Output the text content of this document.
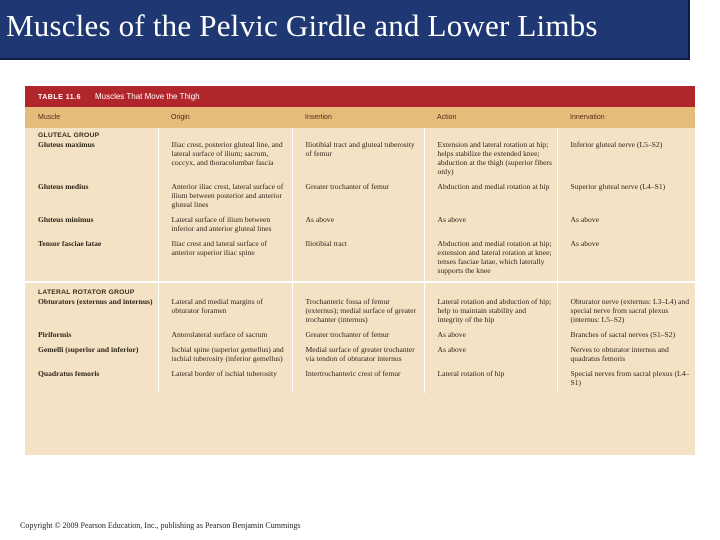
Muscles of the Pelvic Girdle and Lower Limbs
TABLE 11.6 Muscles That Move the Thigh
Muscle	Origin	Insertion	Action	Innervation
GLUTEAL GROUP				
Gluteus maximus	Iliac crest, posterior gluteal line, and lateral surface of ilium; sacrum, coccyx, and thoracolumbar fascia	Iliotibial tract and gluteal tuberosity of femur	Extension and lateral rotation at hip; helps stabilize the extended knee; abduction at the thigh (superior fibers only)	Inferior gluteal nerve (L5–S2)
Gluteus medius	Anterior iliac crest, lateral surface of ilium between posterior and anterior gluteal lines	Greater trochanter of femur	Abduction and medial rotation at hip	Superior gluteal nerve (L4–S1)
Gluteus minimus	Lateral surface of ilium between inferior and anterior gluteal lines	As above	As above	As above
Tensor fasciae latae	Iliac crest and lateral surface of anterior superior iliac spine	Iliotibial tract	Abduction and medial rotation at hip; extension and lateral rotation at knee; tenses fasciae latae, which laterally supports the knee	As above
LATERAL ROTATOR GROUP				
Obturators (externus and internus)	Lateral and medial margins of obturator foramen	Trochanteric fossa of femur (externus); medial surface of greater trochanter (internus)	Lateral rotation and abduction of hip; help to maintain stability and integrity of the hip	Obturator nerve (externus: L3–L4) and special nerve from sacral plexus (internus: L5–S2)
Piriformis	Anterolateral surface of sacrum	Greater trochanter of femur	As above	Branches of sacral nerves (S1–S2)
Gemelli (superior and inferior)	Ischial spine (superior gemellus) and ischial tuberosity (inferior gemellus)	Medial surface of greater trochanter via tendon of obturator internus	As above	Nerves to obturator internus and quadratus femoris
Quadratus femoris	Lateral border of ischial tuberosity	Intertrochanteric crest of femur	Lateral rotation of hip	Special nerves from sacral plexus (L4–S1)
Copyright © 2009 Pearson Education, Inc., publishing as Pearson Benjamin Cummings
